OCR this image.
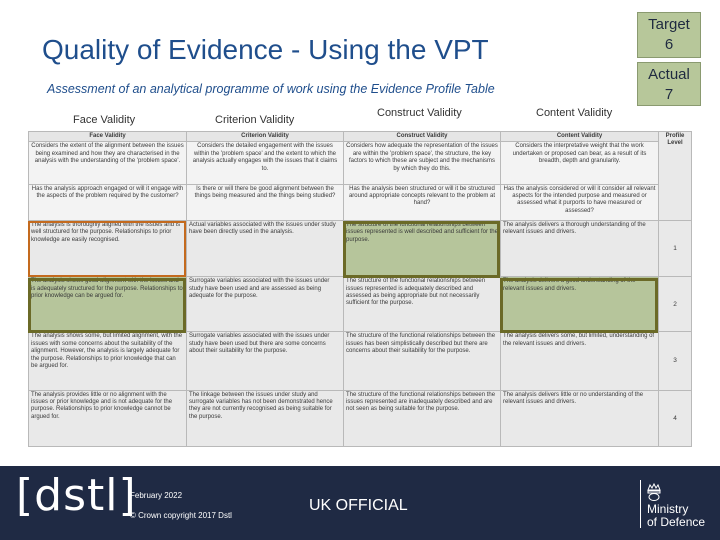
Quality of Evidence - Using the VPT
Assessment of an analytical programme of work using the Evidence Profile Table
Target
6
Actual
7
Face Validity	Criterion Validity
Construct Validity	Content Validity
Face Validity	Criterion Validity	Construct Validity	Content Validity	Profile Level
Considers the extent of the alignment between the issues being examined and how they are characterised in the analysis with the understanding of the 'problem space'.	Considers the detailed engagement with the issues within the 'problem space' and the extent to which the analysis actually engages with the issues that it claims to.	Considers how adequate the representation of the issues are within the 'problem space', the structure, the key factors to which these are subject and the mechanisms by which they do this.	Considers the interpretative weight that the work undertaken or proposed can bear, as a result of its breadth, depth and granularity.	
Has the analysis approach engaged or will it engage with the aspects of the problem required by the customer?	Is there or will there be good alignment between the things being measured and the things being studied?	Has the analysis been structured or will it be structured around appropriate concepts relevant to the problem at hand?	Has the analysis considered or will it consider all relevant aspects for the intended purpose and measured or assessed what it purports to have measured or assessed?	
The analysis is thoroughly aligned with the issues and is well structured for the purpose. Relationships to prior knowledge are easily recognised.	Actual variables associated with the issues under study have been directly used in the analysis.	The structure of the functional relationships between issues represented is well described and sufficient for the purpose.	The analysis delivers a thorough understanding of the relevant issues and drivers.	1
The analysis shows good alignment with the issues and is adequately structured for the purpose. Relationships to prior knowledge can be argued for.	Surrogate variables associated with the issues under study have been used and are assessed as being adequate for the purpose.	The structure of the functional relationships between issues represented is adequately described and assessed as being appropriate but not necessarily sufficient for the purpose.	The analysis delivers a good understanding of the relevant issues and drivers.	2
The analysis shows some, but limited alignment, with the issues with some concerns about the suitability of the alignment. However, the analysis is largely adequate for the purpose. Relationships to prior knowledge that can be argued for.	Surrogate variables associated with the issues under study have been used but there are some concerns about their suitability for the purpose.	The structure of the functional relationships between the issues has been simplistically described but there are concerns about their suitability for the purpose.	The analysis delivers some, but limited, understanding of the relevant issues and drivers.	3
The analysis provides little or no alignment with the issues or prior knowledge and is not adequate for the purpose. Relationships to prior knowledge cannot be argued for.	The linkage between the issues under study and surrogate variables has not been demonstrated hence they are not currently recognised as being suitable for the purpose.	The structure of the functional relationships between the issues represented are inadequately described and are not seen as being suitable for the purpose.	The analysis delivers little or no understanding of the relevant issues and drivers.	4
[dstl]
February 2022
© Crown copyright 2017 Dstl
UK OFFICIAL	Ministry
of Defence
